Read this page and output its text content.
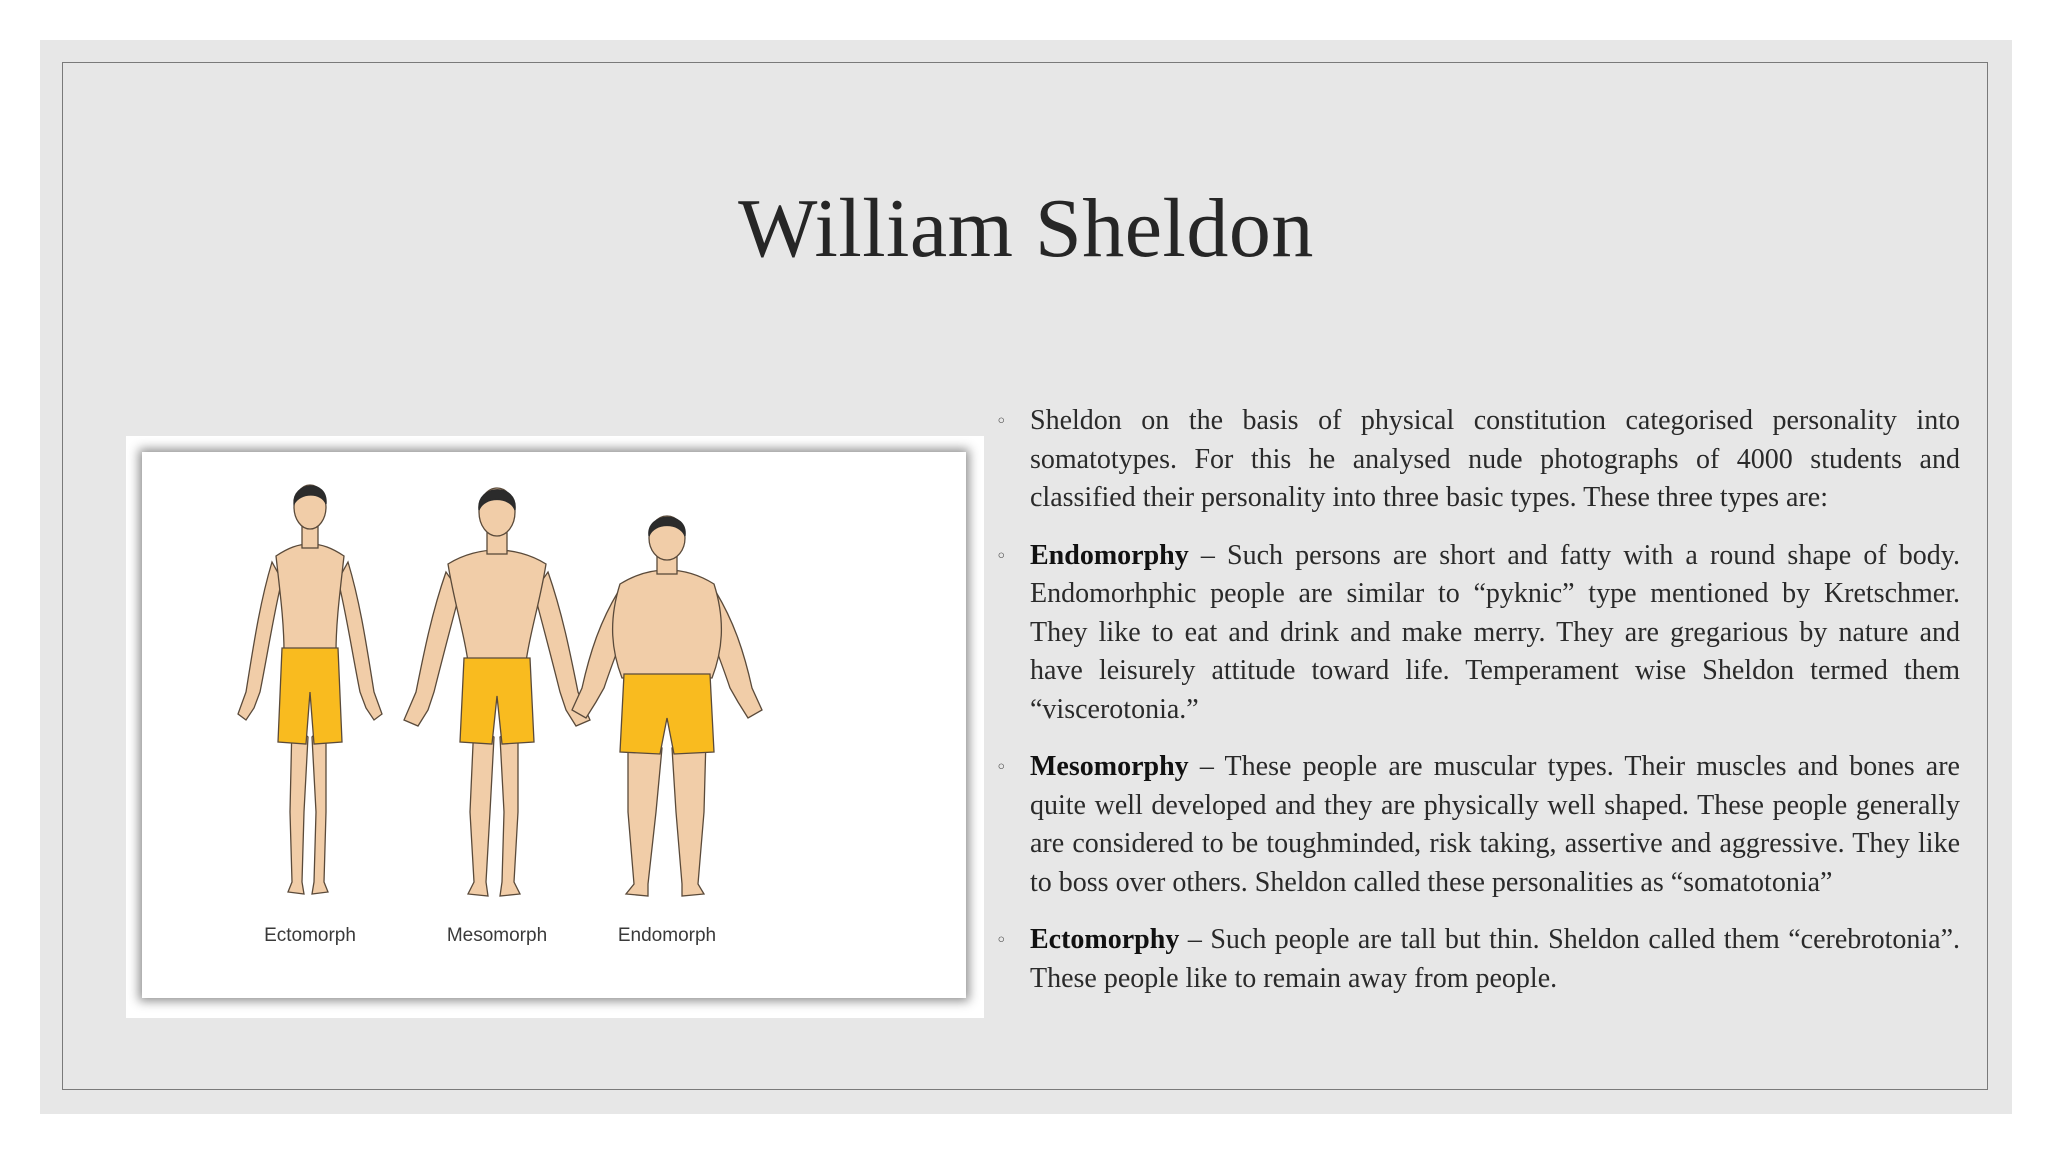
William Sheldon
Ectomorph	Mesomorph	Endomorph
◦ Sheldon on the basis of physical constitution categorised personality into somatotypes. For this he analysed nude photographs of 4000 students and classified their personality into three basic types. These three types are:
◦ Endomorphy – Such persons are short and fatty with a round shape of body. Endomorhphic people are similar to “pyknic” type mentioned by Kretschmer. They like to eat and drink and make merry. They are gregarious by nature and have leisurely attitude toward life. Temperament wise Sheldon termed them “viscerotonia.”
◦ Mesomorphy – These people are muscular types. Their muscles and bones are quite well developed and they are physically well shaped. These people generally are considered to be toughminded, risk taking, assertive and aggressive. They like to boss over others. Sheldon called these personalities as “somatotonia”
◦ Ectomorphy – Such people are tall but thin. Sheldon called them “cerebrotonia”. These people like to remain away from people.
